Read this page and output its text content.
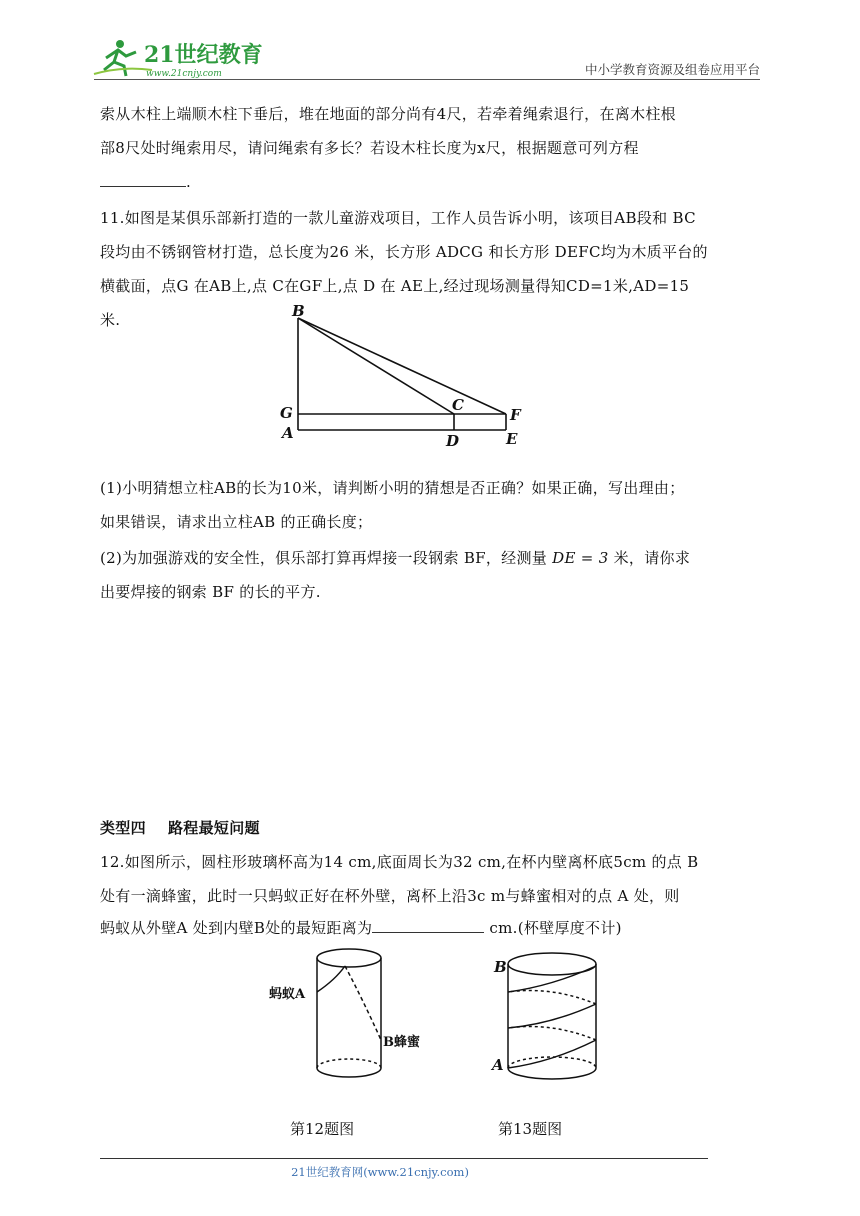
21世纪教育
www.21cnjy.com	中小学教育资源及组卷应用平台
索从木柱上端顺木柱下垂后，堆在地面的部分尚有4尺，若牵着绳索退行，在离木柱根
部8尺处时绳索用尽，请问绳索有多长？若设木柱长度为x尺，根据题意可列方程
.
11.如图是某俱乐部新打造的一款儿童游戏项目，工作人员告诉小明，该项目AB段和 BC
段均由不锈钢管材打造，总长度为26 米，长方形 ADCG 和长方形 DEFC均为木质平台的
横截面，点G 在AB上,点 C在GF上,点 D 在 AE上,经过现场测量得知CD=1米,AD=15
米.	B
G
A
C
F
D	E
(1)小明猜想立柱AB的长为10米，请判断小明的猜想是否正确？如果正确，写出理由；
如果错误，请求出立柱AB 的正确长度；
(2)为加强游戏的安全性，俱乐部打算再焊接一段钢索 BF，经测量 DE = 3 米，请你求
出要焊接的钢索 BF 的长的平方.
类型四    路程最短问题
12.如图所示，圆柱形玻璃杯高为14 cm,底面周长为32 cm,在杯内壁离杯底5cm 的点 B
处有一滴蜂蜜，此时一只蚂蚁正好在杯外壁，离杯上沿3c m与蜂蜜相对的点 A 处，则
蚂蚁从外壁A 处到内壁B处的最短距离为	cm.(杯壁厚度不计)
蚂蚁A
B蜂蜜
B
A
第12题图	第13题图
21世纪教育网(www.21cnjy.com)
